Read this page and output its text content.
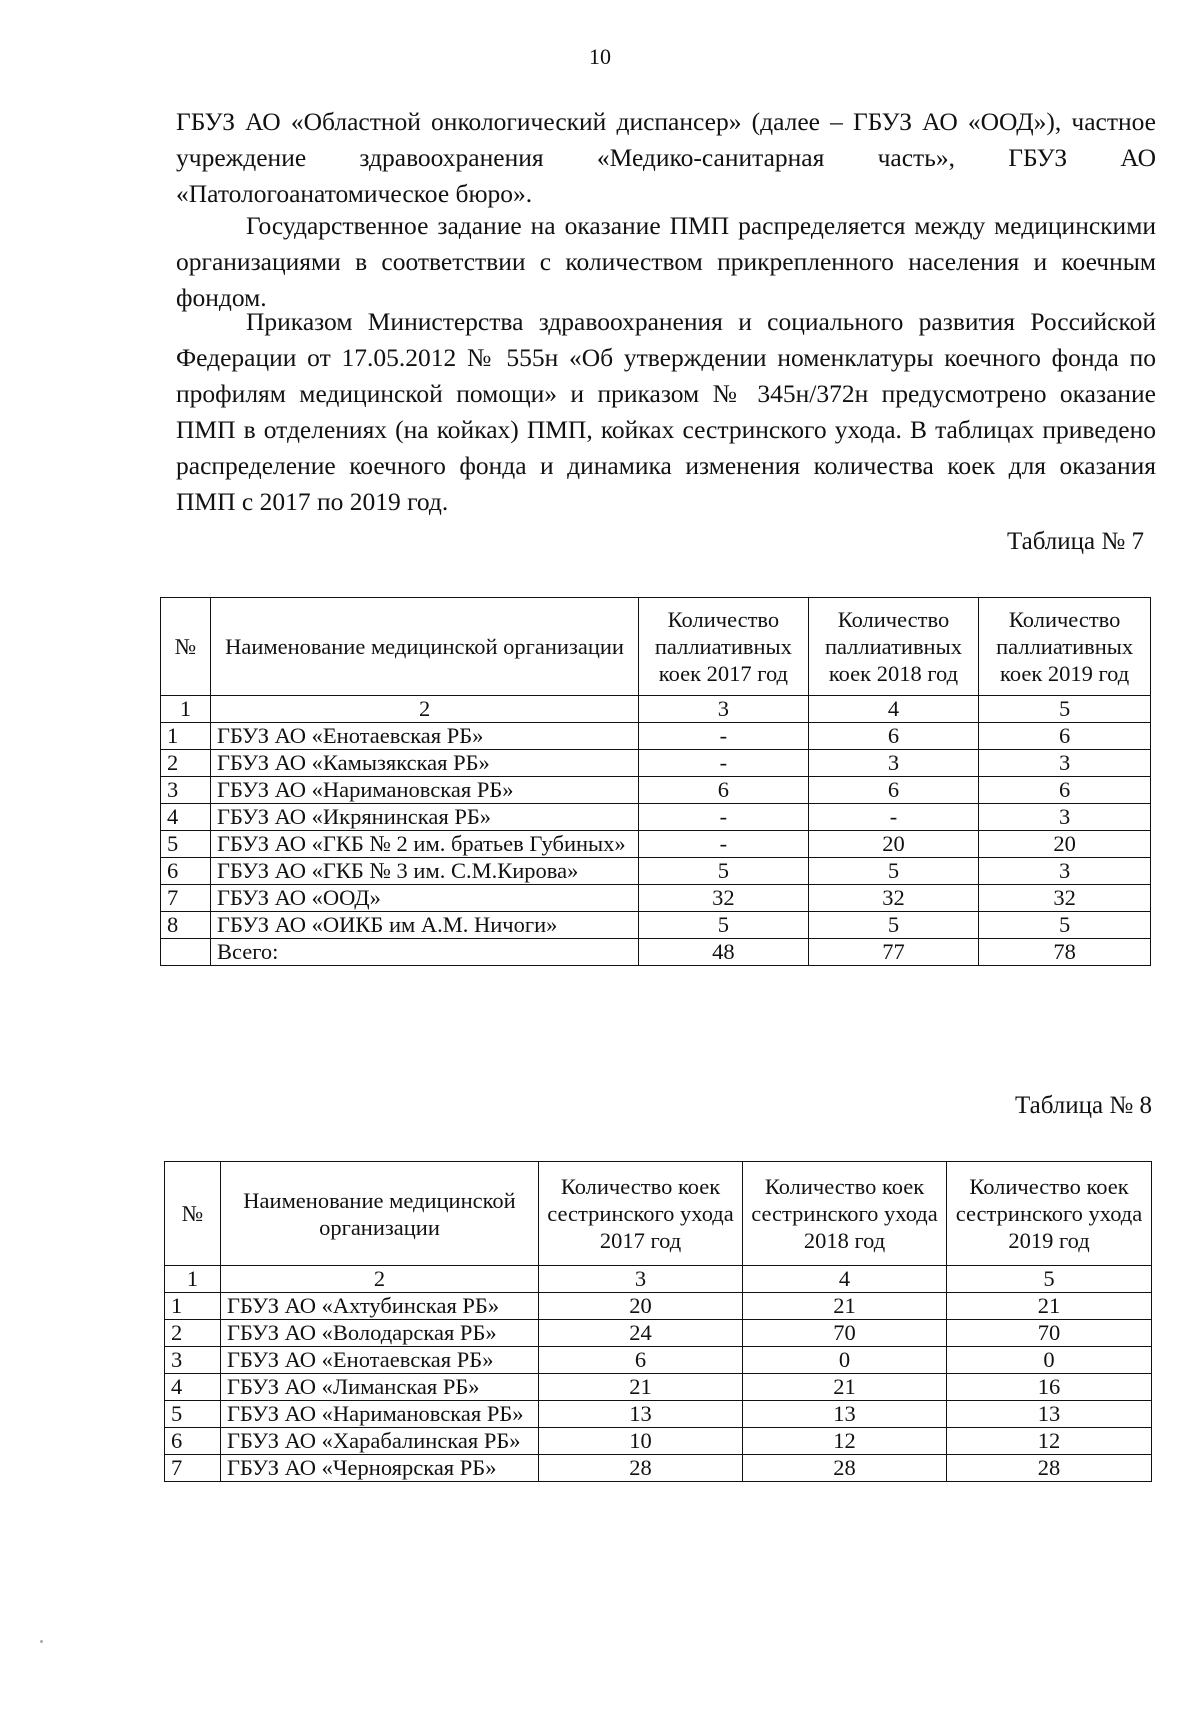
10

ГБУЗ АО «Областной онкологический диспансер» (далее – ГБУЗ АО «ООД»), частное учреждение здравоохранения «Медико-санитарная часть», ГБУЗ АО «Патологоанатомическое бюро».

Государственное задание на оказание ПМП распределяется между медицинскими организациями в соответствии с количеством прикрепленного населения и коечным фондом.

Приказом Министерства здравоохранения и социального развития Российской Федерации от 17.05.2012 № 555н «Об утверждении номенклатуры коечного фонда по профилям медицинской помощи» и приказом № 345н/372н предусмотрено оказание ПМП в отделениях (на койках) ПМП, койках сестринского ухода. В таблицах приведено распределение коечного фонда и динамика изменения количества коек для оказания ПМП с 2017 по 2019 год.

Таблица № 7
№	Наименование медицинской организации	Количество паллиативных коек 2017 год	Количество паллиативных коек 2018 год	Количество паллиативных коек 2019 год
1	2	3	4	5
1	ГБУЗ АО «Енотаевская РБ»	-	6	6
2	ГБУЗ АО «Камызякская РБ»	-	3	3
3	ГБУЗ АО «Наримановская РБ»	6	6	6
4	ГБУЗ АО «Икрянинская РБ»	-	-	3
5	ГБУЗ АО «ГКБ № 2 им. братьев Губиных»	-	20	20
6	ГБУЗ АО «ГКБ № 3 им. С.М.Кирова»	5	5	3
7	ГБУЗ АО «ООД»	32	32	32
8	ГБУЗ АО «ОИКБ им А.М. Ничоги»	5	5	5
	Всего:	48	77	78
Таблица № 8
№	Наименование медицинской организации	Количество коек сестринского ухода 2017 год	Количество коек сестринского ухода 2018 год	Количество коек сестринского ухода 2019 год
1	2	3	4	5
1	ГБУЗ АО «Ахтубинская РБ»	20	21	21
2	ГБУЗ АО «Володарская РБ»	24	70	70
3	ГБУЗ АО «Енотаевская РБ»	6	0	0
4	ГБУЗ АО «Лиманская РБ»	21	21	16
5	ГБУЗ АО «Наримановская РБ»	13	13	13
6	ГБУЗ АО «Харабалинская РБ»	10	12	12
7	ГБУЗ АО «Черноярская РБ»	28	28	28
